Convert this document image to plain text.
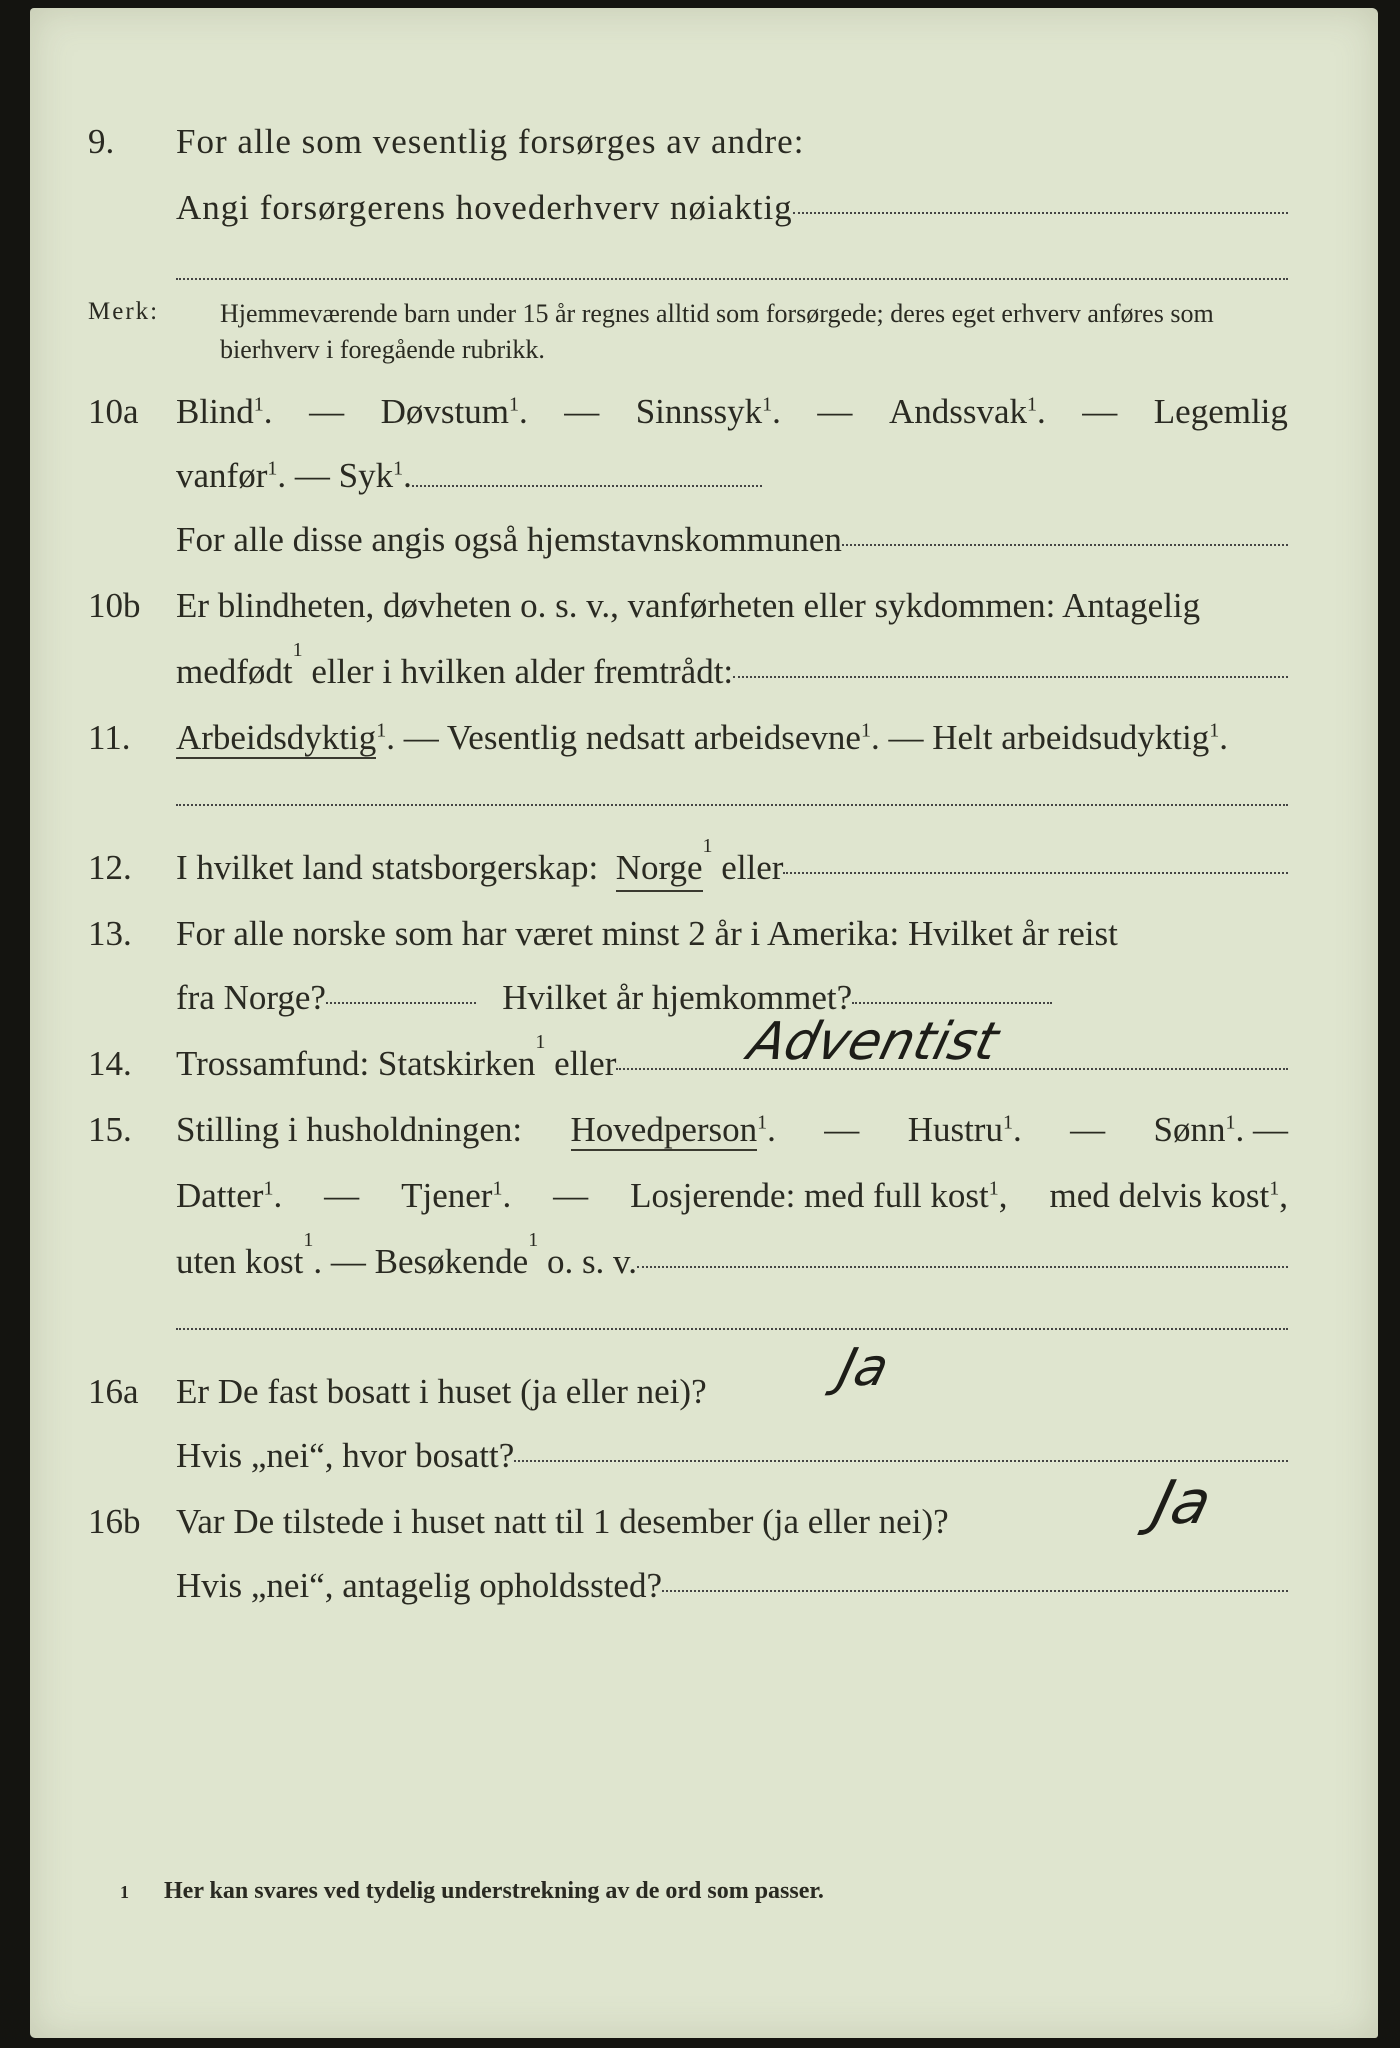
9. For alle som vesentlig forsørges av andre:
Angi forsørgerens hovederhverv nøiaktig
Merk: Hjemmeværende barn under 15 år regnes alltid som forsørgede; deres eget erhverv anføres som bierhverv i foregående rubrikk.
10a Blind$^1$. — Døvstum$^1$. — Sinnssyk$^1$. — Andssvak$^1$. — Legemlig
vanfør$^1$. — Syk$^1$.
For alle disse angis også hjemstavnskommunen
10b Er blindheten, døvheten o. s. v., vanførheten eller sykdommen: Antagelig
medfødt
1

eller i hvilken alder fremtrådt:
11. Arbeidsdyktig$^1$. — Vesentlig nedsatt arbeidsevne$^1$. — Helt arbeidsudyktig$^1$.
12. I hvilket land statsborgerskap:
Norge
1

eller
13. For alle norske som har været minst 2 år i Amerika: Hvilket år reist
fra Norge?
	Hvilket år hjemkommet?
14. Trossamfund: Statskirken
1

eller Adventist
15. Stilling i husholdningen: Hovedperson$^1$. — Hustru$^1$. — Sønn$^1$. —
Datter$^1$. — Tjener$^1$. — Losjerende: med full kost$^1$, med delvis kost$^1$,
uten kost
1
. — Besøkende
1

o. s. v.
16a Er De fast bosatt i huset (ja eller nei)?	Ja
Hvis „nei“, hvor bosatt?
16b Var De tilstede i huset natt til 1 desember (ja eller nei)?	Ja
Hvis „nei“, antagelig opholdssted?
1 Her kan svares ved tydelig understrekning av de ord som passer.
